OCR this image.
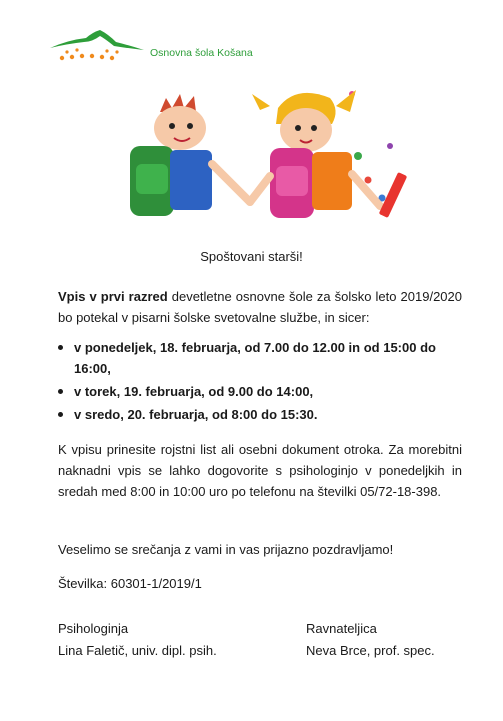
Osnovna šola Košana
Spoštovani starši!
Vpis v prvi razred devetletne osnovne šole za šolsko leto 2019/2020 bo potekal v pisarni šolske svetovalne službe, in sicer:
v ponedeljek, 18. februarja, od 7.00 do 12.00 in od 15:00 do 16:00,
v torek, 19. februarja, od 9.00 do 14:00,
v sredo, 20. februarja, od 8:00 do 15:30.
K vpisu prinesite rojstni list ali osebni dokument otroka. Za morebitni naknadni vpis se lahko dogovorite s psihologinjo v ponedeljkih in sredah med 8:00 in 10:00 uro po telefonu na številki 05/72-18-398.
Veselimo se srečanja z vami in vas prijazno pozdravljamo!
Številka: 60301-1/2019/1
Psihologinja
Lina Faletič, univ. dipl. psih.
Ravnateljica
Neva Brce, prof. spec.
